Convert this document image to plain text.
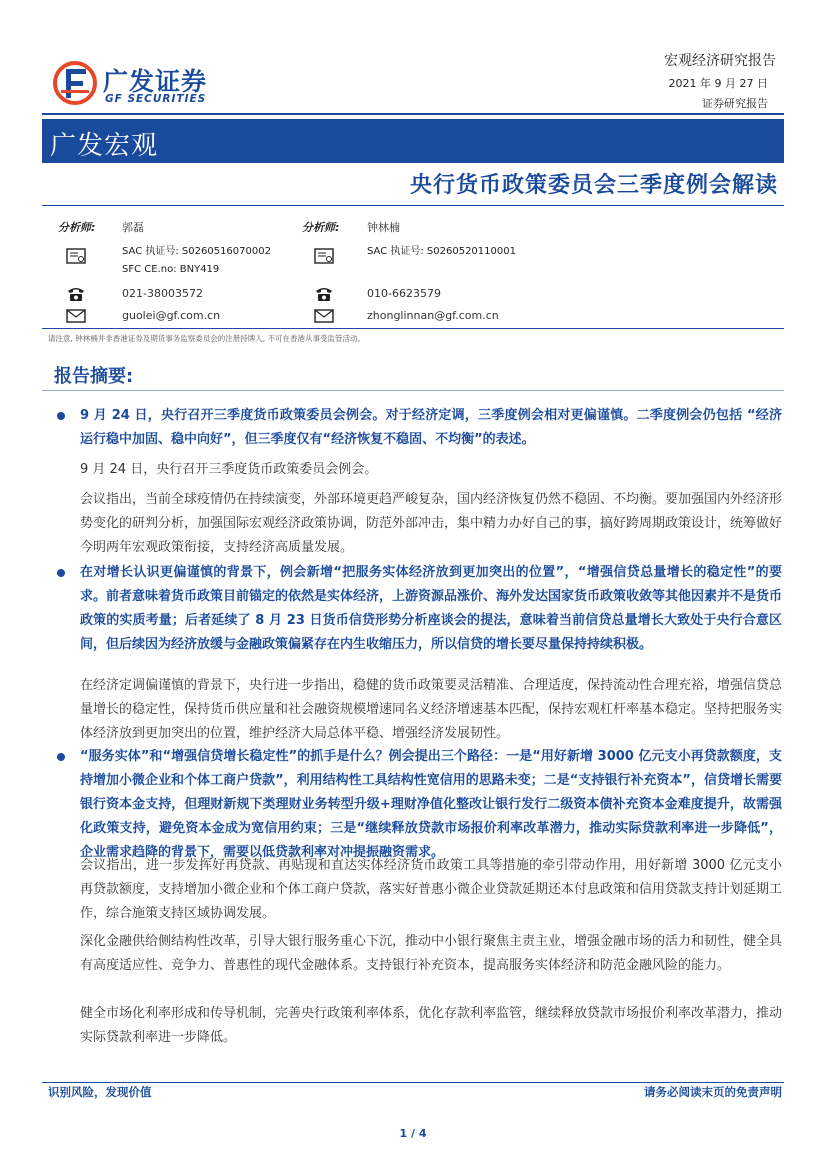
广发证券
GF SECURITIES
宏观经济研究报告
2021 年 9 月 27 日
证券研究报告
广发宏观
央行货币政策委员会三季度例会解读
分析师: 郭磊
SAC 执证号: S0260516070002
SFC CE.no: BNY419
021-38003572
guolei@gf.com.cn
分析师:	钟林楠
SAC 执证号: S0260520110001
010-6623579
zhonglinnan@gf.com.cn
请注意, 钟林楠并非香港证券及期货事务监察委员会的注册持牌人, 不可在香港从事受监管活动。
报告摘要:
9 月 24 日，央行召开三季度货币政策委员会例会。对于经济定调，三季度例会相对更偏谨慎。二季度例会仍包括 “经济运行稳中加固、稳中向好”，但三季度仅有“经济恢复不稳固、不均衡”的表述。
9 月 24 日，央行召开三季度货币政策委员会例会。
会议指出，当前全球疫情仍在持续演变，外部环境更趋严峻复杂，国内经济恢复仍然不稳固、不均衡。要加强国内外经济形势变化的研判分析，加强国际宏观经济政策协调，防范外部冲击，集中精力办好自己的事，搞好跨周期政策设计，统筹做好今明两年宏观政策衔接，支持经济高质量发展。
在对增长认识更偏谨慎的背景下，例会新增“把服务实体经济放到更加突出的位置”，“增强信贷总量增长的稳定性”的要求。前者意味着货币政策目前锚定的依然是实体经济，上游资源品涨价、海外发达国家货币政策收敛等其他因素并不是货币政策的实质考量；后者延续了 8 月 23 日货币信贷形势分析座谈会的提法，意味着当前信贷总量增长大致处于央行合意区间，但后续因为经济放缓与金融政策偏紧存在内生收缩压力，所以信贷的增长要尽量保持持续积极。
在经济定调偏谨慎的背景下，央行进一步指出，稳健的货币政策要灵活精准、合理适度，保持流动性合理充裕，增强信贷总量增长的稳定性，保持货币供应量和社会融资规模增速同名义经济增速基本匹配，保持宏观杠杆率基本稳定。坚持把服务实体经济放到更加突出的位置，维护经济大局总体平稳、增强经济发展韧性。
“服务实体”和“增强信贷增长稳定性”的抓手是什么？例会提出三个路径：一是“用好新增 3000 亿元支小再贷款额度，支持增加小微企业和个体工商户贷款”，利用结构性工具结构性宽信用的思路未变；二是“支持银行补充资本”，信贷增长需要银行资本金支持，但理财新规下类理财业务转型升级+理财净值化整改让银行发行二级资本债补充资本金难度提升，故需强化政策支持，避免资本金成为宽信用约束；三是“继续释放贷款市场报价利率改革潜力，推动实际贷款利率进一步降低”，企业需求趋降的背景下，需要以低贷款利率对冲提振融资需求。
会议指出，进一步发挥好再贷款、再贴现和直达实体经济货币政策工具等措施的牵引带动作用，用好新增 3000 亿元支小再贷款额度，支持增加小微企业和个体工商户贷款，落实好普惠小微企业贷款延期还本付息政策和信用贷款支持计划延期工作，综合施策支持区域协调发展。
深化金融供给侧结构性改革，引导大银行服务重心下沉，推动中小银行聚焦主责主业，增强金融市场的活力和韧性，健全具有高度适应性、竞争力、普惠性的现代金融体系。支持银行补充资本，提高服务实体经济和防范金融风险的能力。
健全市场化利率形成和传导机制，完善央行政策利率体系，优化存款利率监管，继续释放贷款市场报价利率改革潜力，推动实际贷款利率进一步降低。
识别风险，发现价值	请务必阅读末页的免责声明
1 / 4
